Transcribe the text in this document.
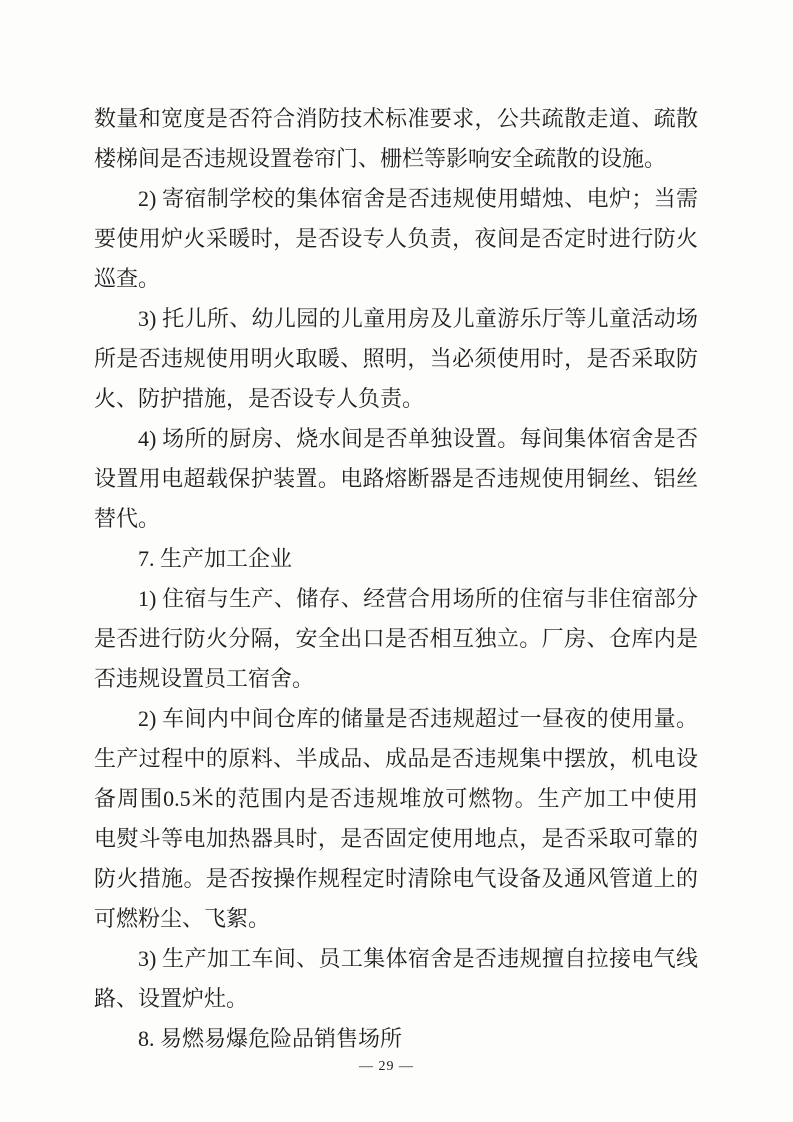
数量和宽度是否符合消防技术标准要求，公共疏散走道、疏散
楼梯间是否违规设置卷帘门、栅栏等影响安全疏散的设施。
2) 寄宿制学校的集体宿舍是否违规使用蜡烛、电炉；当需
要使用炉火采暖时，是否设专人负责，夜间是否定时进行防火
巡查。
3) 托儿所、幼儿园的儿童用房及儿童游乐厅等儿童活动场
所是否违规使用明火取暖、照明，当必须使用时，是否采取防
火、防护措施，是否设专人负责。
4) 场所的厨房、烧水间是否单独设置。每间集体宿舍是否
设置用电超载保护装置。电路熔断器是否违规使用铜丝、铝丝
替代。
7. 生产加工企业
1) 住宿与生产、储存、经营合用场所的住宿与非住宿部分
是否进行防火分隔，安全出口是否相互独立。厂房、仓库内是
否违规设置员工宿舍。
2) 车间内中间仓库的储量是否违规超过一昼夜的使用量。
生产过程中的原料、半成品、成品是否违规集中摆放，机电设
备周围0.5米的范围内是否违规堆放可燃物。生产加工中使用
电熨斗等电加热器具时，是否固定使用地点，是否采取可靠的
防火措施。是否按操作规程定时清除电气设备及通风管道上的
可燃粉尘、飞絮。
3) 生产加工车间、员工集体宿舍是否违规擅自拉接电气线
路、设置炉灶。
8. 易燃易爆危险品销售场所
— 29 —
